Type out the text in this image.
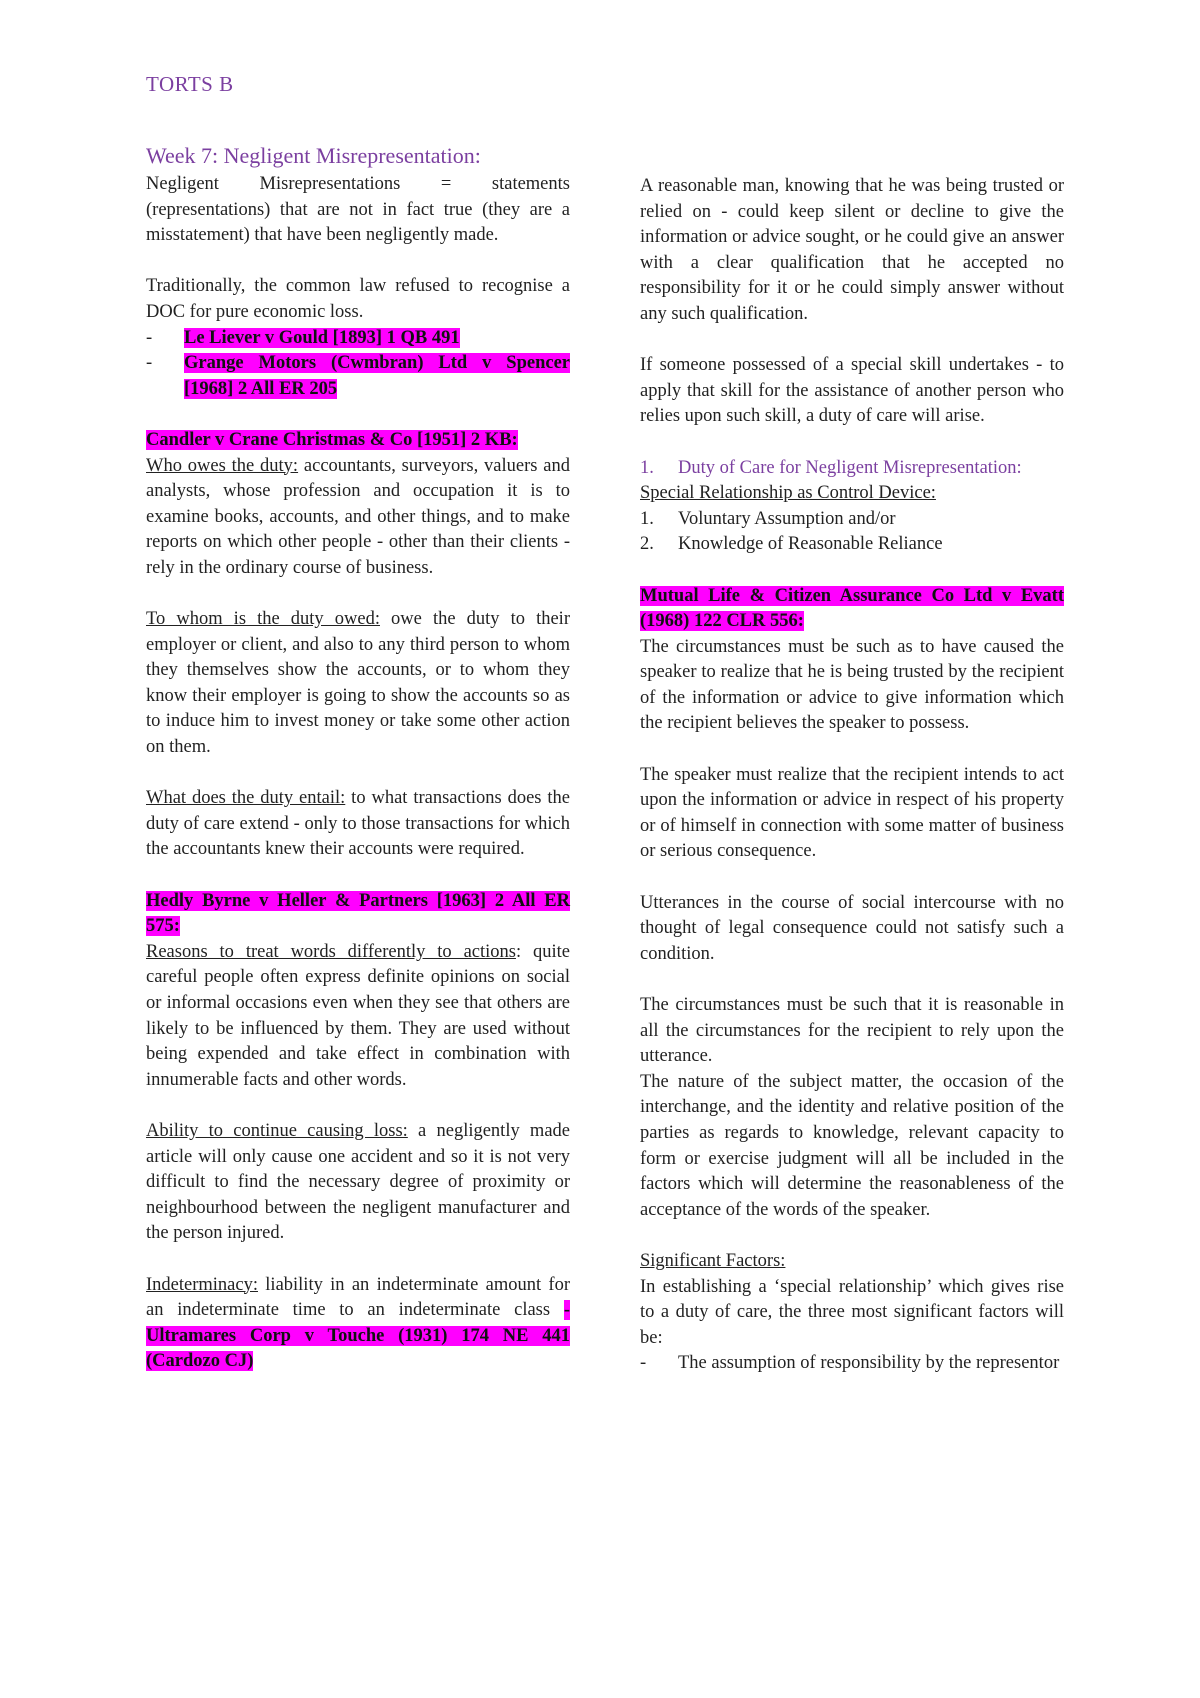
TORTS B
Week 7: Negligent Misrepresentation:

Negligent Misrepresentations = statements (representations) that are not in fact true (they are a misstatement) that have been negligently made.

Traditionally, the common law refused to recognise a DOC for pure economic loss.

- Le Liever v Gould [1893] 1 QB 491
- Grange Motors (Cwmbran) Ltd v Spencer [1968] 2 All ER 205
Candler v Crane Christmas & Co [1951] 2 KB:

Who owes the duty: accountants, surveyors, valuers and analysts, whose profession and occupation it is to examine books, accounts, and other things, and to make reports on which other people - other than their clients - rely in the ordinary course of business.

To whom is the duty owed: owe the duty to their employer or client, and also to any third person to whom they themselves show the accounts, or to whom they know their employer is going to show the accounts so as to induce him to invest money or take some other action on them.

What does the duty entail: to what transactions does the duty of care extend - only to those transactions for which the accountants knew their accounts were required.

Hedly Byrne v Heller & Partners [1963] 2 All ER 575:

Reasons to treat words differently to actions: quite careful people often express definite opinions on social or informal occasions even when they see that others are likely to be influenced by them. They are used without being expended and take effect in combination with innumerable facts and other words.

Ability to continue causing loss: a negligently made article will only cause one accident and so it is not very difficult to find the necessary degree of proximity or neighbourhood between the negligent manufacturer and the person injured.

Indeterminacy: liability in an indeterminate amount for an indeterminate time to an indeterminate class - Ultramares Corp v Touche (1931) 174 NE 441 (Cardozo CJ)

A reasonable man, knowing that he was being trusted or relied on - could keep silent or decline to give the information or advice sought, or he could give an answer with a clear qualification that he accepted no responsibility for it or he could simply answer without any such qualification.

If someone possessed of a special skill undertakes - to apply that skill for the assistance of another person who relies upon such skill, a duty of care will arise.

1. Duty of Care for Negligent Misrepresentation:
Special Relationship as Control Device:
1. Voluntary Assumption and/or
2. Knowledge of Reasonable Reliance
Mutual Life & Citizen Assurance Co Ltd v Evatt (1968) 122 CLR 556:

The circumstances must be such as to have caused the speaker to realize that he is being trusted by the recipient of the information or advice to give information which the recipient believes the speaker to possess.

The speaker must realize that the recipient intends to act upon the information or advice in respect of his property or of himself in connection with some matter of business or serious consequence.

Utterances in the course of social intercourse with no thought of legal consequence could not satisfy such a condition.

The circumstances must be such that it is reasonable in all the circumstances for the recipient to rely upon the utterance.

The nature of the subject matter, the occasion of the interchange, and the identity and relative position of the parties as regards to knowledge, relevant capacity to form or exercise judgment will all be included in the factors which will determine the reasonableness of the acceptance of the words of the speaker.

Significant Factors:

In establishing a ‘special relationship’ which gives rise to a duty of care, the three most significant factors will be:

- The assumption of responsibility by the representor
